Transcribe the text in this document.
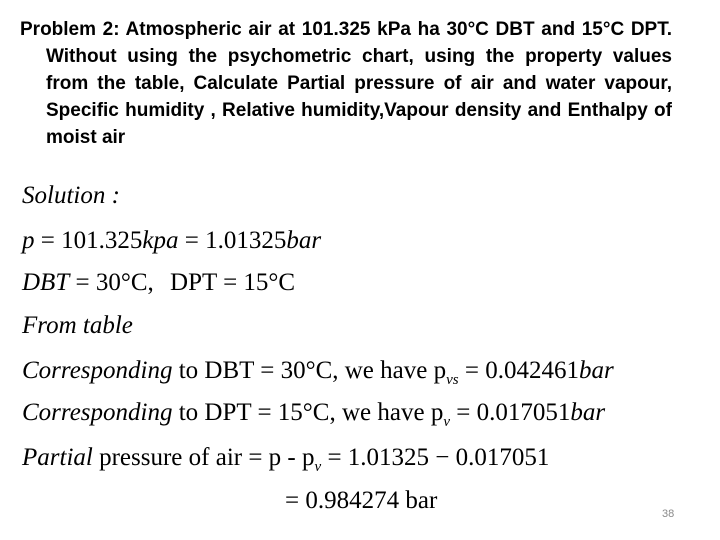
Problem 2: Atmospheric air at 101.325 kPa ha 30°C DBT and 15°C DPT. Without using the psychometric chart, using the property values from the table, Calculate Partial pressure of air and water vapour, Specific humidity , Relative humidity,Vapour density and Enthalpy of moist air

Solution :
p = 101.325kpa = 1.01325bar
DBT = 30°C, DPT = 15°C
From table
Corresponding to DBT = 30°C, we have $p_{vs} = 0.042461bar$
Corresponding to DPT = 15°C, we have $p_v = 0.017051bar$
Partial pressure of air = $p - p_v = 1.01325 - 0.017051$
= 0.984274 bar	38
